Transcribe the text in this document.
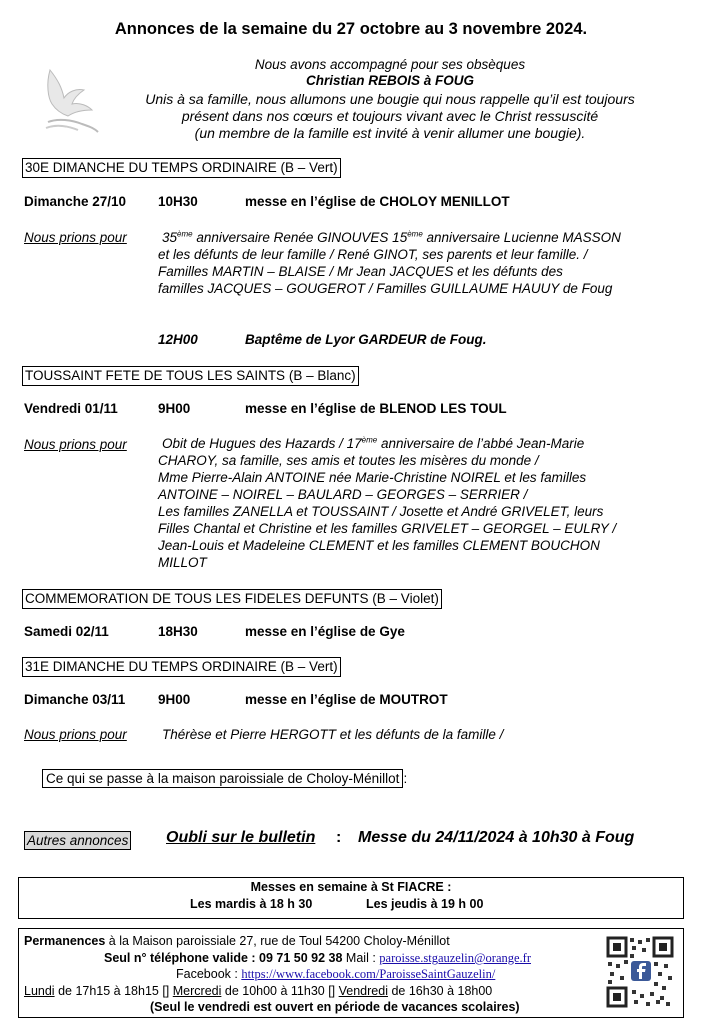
Annonces de la semaine du 27 octobre au 3 novembre 2024.
Nous avons accompagné pour ses obsèques
Christian REBOIS à FOUG
Unis à sa famille, nous allumons une bougie qui nous rappelle qu’il est toujours
présent dans nos cœurs et toujours vivant avec le Christ ressuscité
(un membre de la famille est invité à venir allumer une bougie).
30E DIMANCHE DU TEMPS ORDINAIRE (B – Vert)
Dimanche 27/10 10H30	messe en l’église de CHOLOY MENILLOT
Nous prions pour	35ème anniversaire Renée GINOUVES 15ème anniversaire Lucienne MASSON
et les défunts de leur famille / René GINOT, ses parents et leur famille. /
Familles MARTIN – BLAISE / Mr Jean JACQUES et les défunts des
familles JACQUES – GOUGEROT / Familles GUILLAUME HAUUY de Foug
12H00	Baptême de Lyor GARDEUR de Foug.
TOUSSAINT FETE DE TOUS LES SAINTS (B – Blanc)
Vendredi 01/11	9H00	messe en l’église de BLENOD LES TOUL
Nous prions pour	Obit de Hugues des Hazards / 17ème anniversaire de l’abbé Jean-Marie
CHAROY, sa famille, ses amis et toutes les misères du monde /
Mme Pierre-Alain ANTOINE née Marie-Christine NOIREL et les familles
ANTOINE – NOIREL – BAULARD – GEORGES – SERRIER /
Les familles ZANELLA et TOUSSAINT / Josette et André GRIVELET, leurs
Filles Chantal et Christine et les familles GRIVELET – GEORGEL – EULRY /
Jean-Louis et Madeleine CLEMENT et les familles CLEMENT BOUCHON
MILLOT
COMMEMORATION DE TOUS LES FIDELES DEFUNTS (B – Violet)
Samedi 02/11	18H30	messe en l’église de Gye
31E DIMANCHE DU TEMPS ORDINAIRE (B – Vert)
Dimanche 03/11 9H00	messe en l’église de MOUTROT
Nous prions pour	Thérèse et Pierre HERGOTT et les défunts de la famille /
Ce qui se passe à la maison paroissiale de Choloy-Ménillot :
Autres annonces Oubli sur le bulletin : Messe du 24/11/2024 à 10h30 à Foug
Messes en semaine à St FIACRE :
Les mardis à 18 h 30	Les jeudis à 19 h 00
Permanences à la Maison paroissiale 27, rue de Toul 54200 Choloy-Ménillot
Seul n° téléphone valide : 09 71 50 92 38 Mail : paroisse.stgauzelin@orange.fr
Facebook : https://www.facebook.com/ParoisseSaintGauzelin/
Lundi de 17h15 à 18h15 [] Mercredi de 10h00 à 11h30 [] Vendredi de 16h30 à 18h00
(Seul le vendredi est ouvert en période de vacances scolaires)
